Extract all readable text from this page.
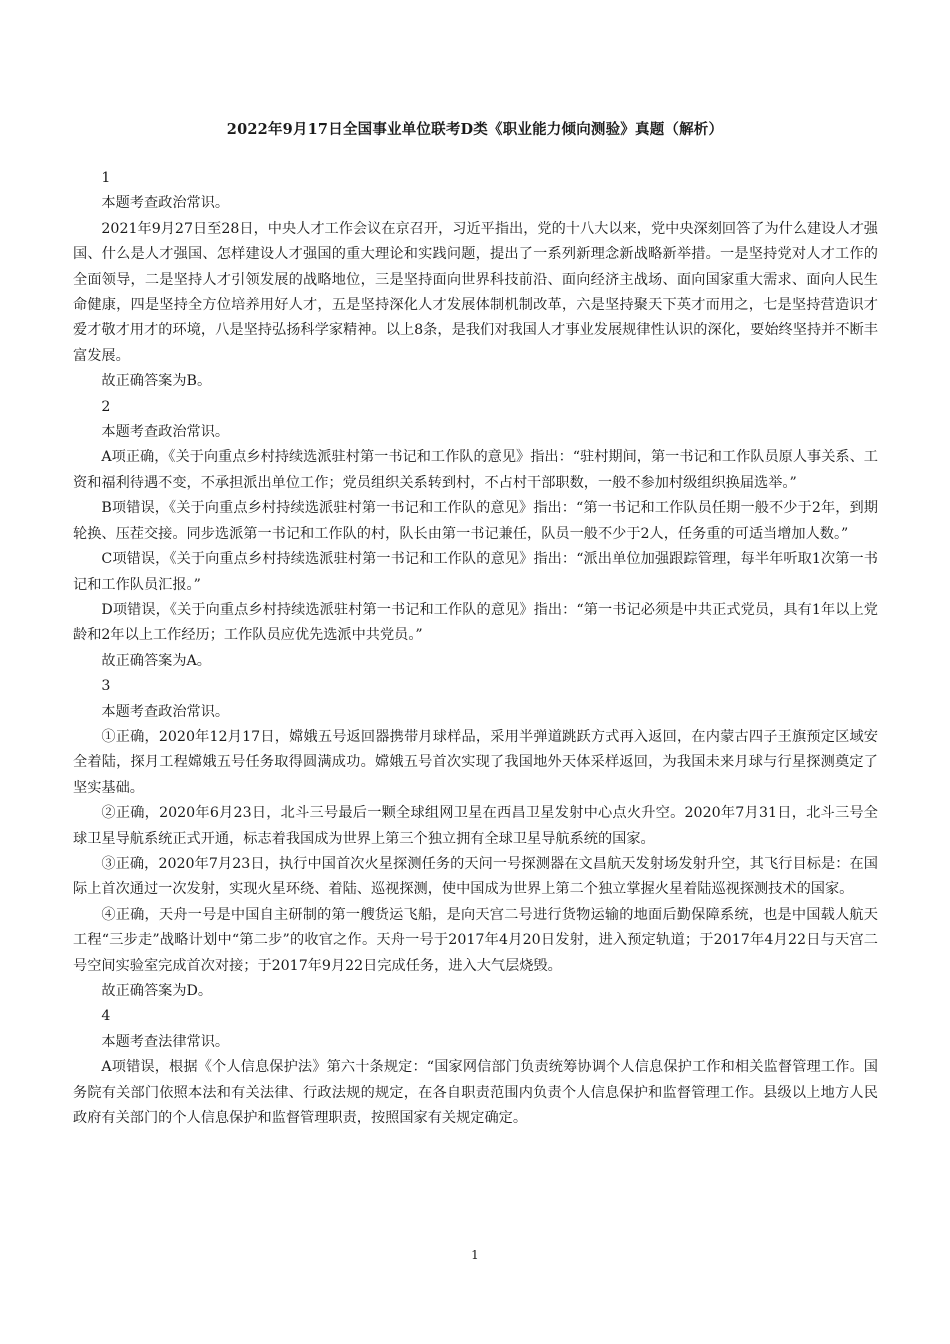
2022年9月17日全国事业单位联考D类《职业能力倾向测验》真题（解析）

1

本题考查政治常识。

2021年9月27日至28日，中央人才工作会议在京召开，习近平指出，党的十八大以来，党中央深刻回答了为什么建设人才强国、什么是人才强国、怎样建设人才强国的重大理论和实践问题，提出了一系列新理念新战略新举措。一是坚持党对人才工作的全面领导，二是坚持人才引领发展的战略地位，三是坚持面向世界科技前沿、面向经济主战场、面向国家重大需求、面向人民生命健康，四是坚持全方位培养用好人才，五是坚持深化人才发展体制机制改革，六是坚持聚天下英才而用之，七是坚持营造识才爱才敬才用才的环境，八是坚持弘扬科学家精神。以上8条，是我们对我国人才事业发展规律性认识的深化，要始终坚持并不断丰富发展。

故正确答案为B。

2

本题考查政治常识。

A项正确，《关于向重点乡村持续选派驻村第一书记和工作队的意见》指出：“驻村期间，第一书记和工作队员原人事关系、工资和福利待遇不变，不承担派出单位工作；党员组织关系转到村，不占村干部职数，一般不参加村级组织换届选举。”

B项错误，《关于向重点乡村持续选派驻村第一书记和工作队的意见》指出：“第一书记和工作队员任期一般不少于2年，到期轮换、压茬交接。同步选派第一书记和工作队的村，队长由第一书记兼任，队员一般不少于2人，任务重的可适当增加人数。”

C项错误，《关于向重点乡村持续选派驻村第一书记和工作队的意见》指出：“派出单位加强跟踪管理，每半年听取1次第一书记和工作队员汇报。”

D项错误，《关于向重点乡村持续选派驻村第一书记和工作队的意见》指出：“第一书记必须是中共正式党员，具有1年以上党龄和2年以上工作经历；工作队员应优先选派中共党员。”

故正确答案为A。

3

本题考查政治常识。

①正确，2020年12月17日，嫦娥五号返回器携带月球样品，采用半弹道跳跃方式再入返回，在内蒙古四子王旗预定区域安全着陆，探月工程嫦娥五号任务取得圆满成功。嫦娥五号首次实现了我国地外天体采样返回，为我国未来月球与行星探测奠定了坚实基础。

②正确，2020年6月23日，北斗三号最后一颗全球组网卫星在西昌卫星发射中心点火升空。2020年7月31日，北斗三号全球卫星导航系统正式开通，标志着我国成为世界上第三个独立拥有全球卫星导航系统的国家。

③正确，2020年7月23日，执行中国首次火星探测任务的天问一号探测器在文昌航天发射场发射升空，其飞行目标是：在国际上首次通过一次发射，实现火星环绕、着陆、巡视探测，使中国成为世界上第二个独立掌握火星着陆巡视探测技术的国家。

④正确，天舟一号是中国自主研制的第一艘货运飞船，是向天宫二号进行货物运输的地面后勤保障系统，也是中国载人航天工程“三步走”战略计划中“第二步”的收官之作。天舟一号于2017年4月20日发射，进入预定轨道；于2017年4月22日与天宫二号空间实验室完成首次对接；于2017年9月22日完成任务，进入大气层烧毁。

故正确答案为D。

4

本题考查法律常识。

A项错误，根据《个人信息保护法》第六十条规定：“国家网信部门负责统筹协调个人信息保护工作和相关监督管理工作。国务院有关部门依照本法和有关法律、行政法规的规定，在各自职责范围内负责个人信息保护和监督管理工作。县级以上地方人民政府有关部门的个人信息保护和监督管理职责，按照国家有关规定确定。

1
